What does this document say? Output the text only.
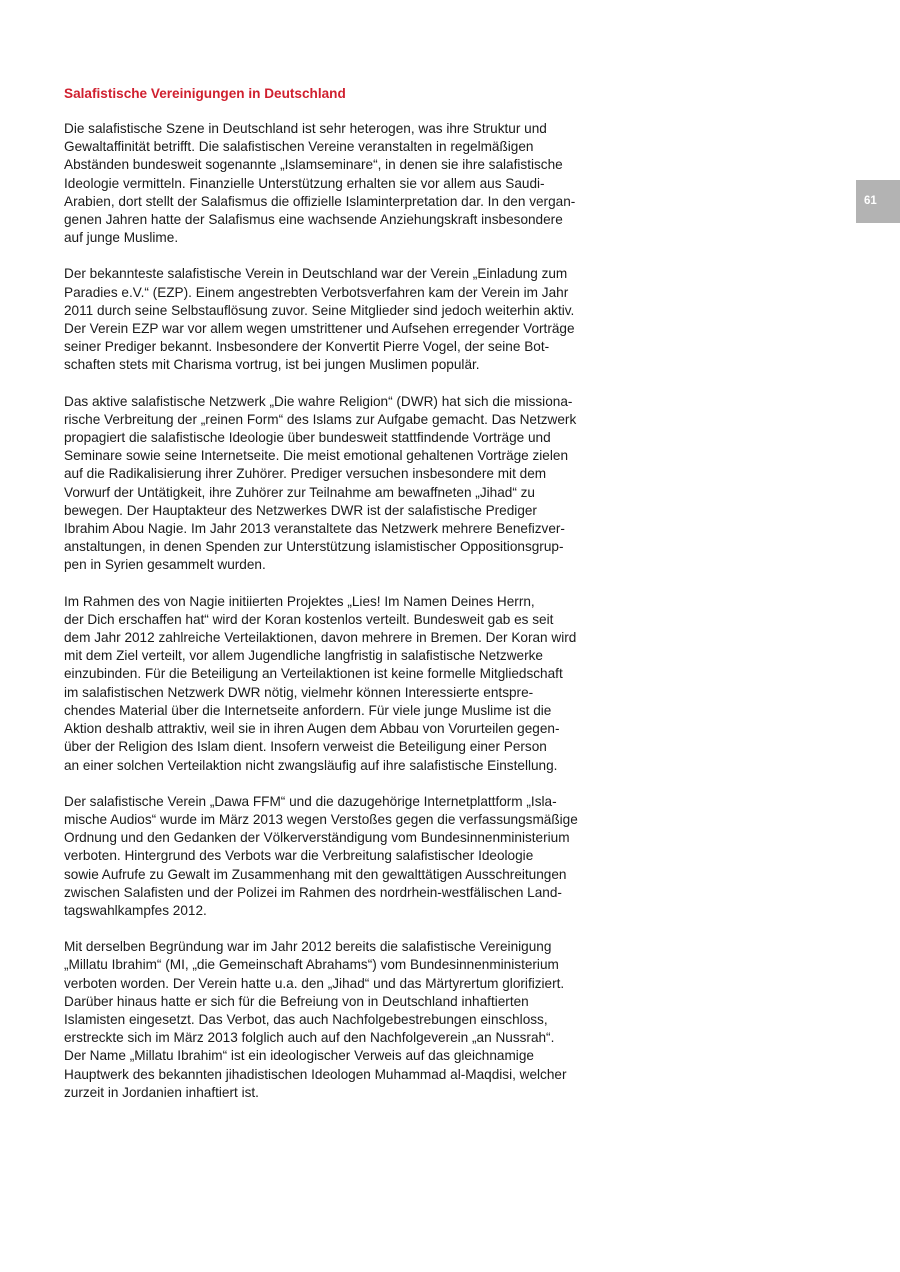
Salafistische Vereinigungen in Deutschland

Die salafistische Szene in Deutschland ist sehr heterogen, was ihre Struktur und
Gewaltaffinität betrifft. Die salafistischen Vereine veranstalten in regelmäßigen
Abständen bundesweit sogenannte „Islamseminare“, in denen sie ihre salafistische
Ideologie vermitteln. Finanzielle Unterstützung erhalten sie vor allem aus Saudi-
Arabien, dort stellt der Salafismus die offizielle Islaminterpretation dar. In den vergan-
genen Jahren hatte der Salafismus eine wachsende Anziehungskraft insbesondere
auf junge Muslime.

Der bekannteste salafistische Verein in Deutschland war der Verein „Einladung zum
Paradies e.V.“ (EZP). Einem angestrebten Verbotsverfahren kam der Verein im Jahr
2011 durch seine Selbstauflösung zuvor. Seine Mitglieder sind jedoch weiterhin aktiv.
Der Verein EZP war vor allem wegen umstrittener und Aufsehen erregender Vorträge
seiner Prediger bekannt. Insbesondere der Konvertit Pierre Vogel, der seine Bot-
schaften stets mit Charisma vortrug, ist bei jungen Muslimen populär.

Das aktive salafistische Netzwerk „Die wahre Religion“ (DWR) hat sich die missiona-
rische Verbreitung der „reinen Form“ des Islams zur Aufgabe gemacht. Das Netzwerk
propagiert die salafistische Ideologie über bundesweit stattfindende Vorträge und
Seminare sowie seine Internetseite. Die meist emotional gehaltenen Vorträge zielen
auf die Radikalisierung ihrer Zuhörer. Prediger versuchen insbesondere mit dem
Vorwurf der Untätigkeit, ihre Zuhörer zur Teilnahme am bewaffneten „Jihad“ zu
bewegen. Der Hauptakteur des Netzwerkes DWR ist der salafistische Prediger
Ibrahim Abou Nagie. Im Jahr 2013 veranstaltete das Netzwerk mehrere Benefizver-
anstaltungen, in denen Spenden zur Unterstützung islamistischer Oppositionsgrup-
pen in Syrien gesammelt wurden.

Im Rahmen des von Nagie initiierten Projektes „Lies! Im Namen Deines Herrn,
der Dich erschaffen hat“ wird der Koran kostenlos verteilt. Bundesweit gab es seit
dem Jahr 2012 zahlreiche Verteilaktionen, davon mehrere in Bremen. Der Koran wird
mit dem Ziel verteilt, vor allem Jugendliche langfristig in salafistische Netzwerke
einzubinden. Für die Beteiligung an Verteilaktionen ist keine formelle Mitgliedschaft
im salafistischen Netzwerk DWR nötig, vielmehr können Interessierte entspre-
chendes Material über die Internetseite anfordern. Für viele junge Muslime ist die
Aktion deshalb attraktiv, weil sie in ihren Augen dem Abbau von Vorurteilen gegen-
über der Religion des Islam dient. Insofern verweist die Beteiligung einer Person
an einer solchen Verteilaktion nicht zwangsläufig auf ihre salafistische Einstellung.

Der salafistische Verein „Dawa FFM“ und die dazugehörige Internetplattform „Isla-
mische Audios“ wurde im März 2013 wegen Verstoßes gegen die verfassungsmäßige
Ordnung und den Gedanken der Völkerverständigung vom Bundesinnenministerium
verboten. Hintergrund des Verbots war die Verbreitung salafistischer Ideologie
sowie Aufrufe zu Gewalt im Zusammenhang mit den gewalttätigen Ausschreitungen
zwischen Salafisten und der Polizei im Rahmen des nordrhein-westfälischen Land-
tagswahlkampfes 2012.

Mit derselben Begründung war im Jahr 2012 bereits die salafistische Vereinigung
„Millatu Ibrahim“ (MI, „die Gemeinschaft Abrahams“) vom Bundesinnenministerium
verboten worden. Der Verein hatte u.a. den „Jihad“ und das Märtyrertum glorifiziert.
Darüber hinaus hatte er sich für die Befreiung von in Deutschland inhaftierten
Islamisten eingesetzt. Das Verbot, das auch Nachfolgebestrebungen einschloss,
erstreckte sich im März 2013 folglich auch auf den Nachfolgeverein „an Nussrah“.
Der Name „Millatu Ibrahim“ ist ein ideologischer Verweis auf das gleichnamige
Hauptwerk des bekannten jihadistischen Ideologen Muhammad al-Maqdisi, welcher
zurzeit in Jordanien inhaftiert ist.

61
